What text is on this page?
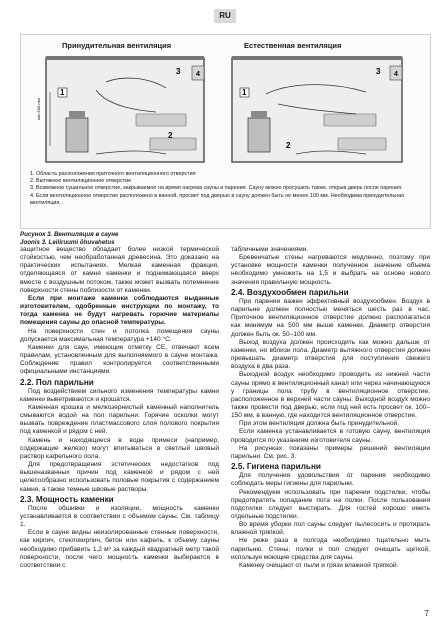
RU
Принудительная вентиляция	Естественная вентиляция
min 500 mm
1
2
3 4
1
2
3 4
1. Область расположения приточного вентиляционного отверстия
2. Вытяжное вентиляционное отверстие
3. Возможное сушильное отверстие, закрываемое на время нагрева сауны и парения. Сауну можно просушить также, открыв дверь после парения.
4. Если вентиляционное отверстие расположено в ванной, просвет под дверью в сауну должен быть не менее 100 мм. Необходима принудительная вентиляция.
Рисунок 3. Вентиляция в сауне
Joonis 3. Leiliruumi õhuvahetus

защитное вещество обладает более низкой термической стойкостью, чем необработанная древесина. Это доказано на практических испытаниях. Мелкая каменная фракция, отделяющаяся от камня каменки и поднимающаяся вверх вместе с воздушным потоком, также может вызвать потемнение поверхности стены поблизости от каменки.

Если при монтаже каменки соблюдаются выданные изготовителем, одобренные инструкции по монтажу, то тогда каменка не будут нагревать горючие материалы помещения сауны до опасной температуры.

На поверхности стен и потолка помещения сауны допускается максимальная температура +140 °C.

Каменки для саун, имеющие отметку CE, отвечают всем правилам, установленным для выполняемого в сауне монтажа. Соблюдение правил контролируется соответственными официальными инстанциями.

2.2. Пол парильни

Под воздействием сильного изменения температуры камни каменки выветриваются и крошатся.

Каменная крошка и мелкозернистый каменный наполнитель смываются водой на пол парильни. Горячие осколки могут вызвать повреждение пластмассового слоя полового покрытия под каменкой и рядом с ней.

Камень и находящиеся в воде примеси (например, содержащие железо) могут впитываться в светлый швовый раствор кафельного пола.

Для предотвращения эстетических недостатков под вышеназванных причин под каменкой и рядом с ней целесообразно использовать половые покрытия с содержанием камня, а также темные швовые растворы.

2.3. Мощность каменки

После обшивки и изоляции, мощность каменки устанавливается в соответствии с объемом сауны. См. таблицу 1.

Если в сауне видны неизолированные стенные поверхности, как кирпич, стеклокирпич, бетон или кафель, к объему сауны необходимо прибавить 1,2 м³ за каждый квадратный метр такой поверхности, после чего мощность каменки выбирается в соответствии с

табличными значениями.

Бревенчатые стены нагреваются медленно, поэтому при установке мощности каменки полученное значение объема необходимо умножить на 1,5 и выбрать на основе нового значения правильную мощность.

2.4. Воздухообмен парильни

При парении важен эффективный воздухообмен. Воздух в парильне должен полностью меняться шесть раз в час. Приточное вентиляционное отверстие должно располагаться как минимум на 500 мм выше каменки. Диаметр отверстия должен быть ок. 50–100 мм.

Выход воздуха должен происходить как можно дальше от каменки, но вблизи пола. Диаметр вытяжного отверстия должен превышать диаметр отверстия для поступления свежего воздуха в два раза.

Выходной воздух необходимо проводить из нижней части сауны прямо в вентиляционный канал или через начинающуюся у границы пола трубу в вентиляционное отверстие, расположенное в верхней части сауны. Выходной воздух можно также провести под дверью, если под ней есть просвет ок. 100–150 мм, в ванную, где находится вентиляционное отверстие.

При этом вентиляция должна быть принудительной.

Если каменка устанавливается в готовую сауну, вентиляция проводится по указаниям изготовителя сауны.

На рисунках показаны примеры решений вентиляции парильни. См. рис. 3.

2.5. Гигиена парильни

Для получения удовольствия от парения необходимо соблюдать меры гигиены для парильни.

Рекомендуем использовать при парении подстилки, чтобы предотвратить попадание пота на полки. После пользования подстилки следует выстирать. Для гостей хорошо иметь отдельные подстилки.

Во время уборки пол сауны следует пылесосить и протирать влажной тряпкой.

Не реже раза в полгода необходимо тщательно мыть парильню. Стены, полки и пол следует очищать щеткой, используя моющие средства для сауны.

Каменку очищают от пыли и грязи влажной тряпкой.

7
